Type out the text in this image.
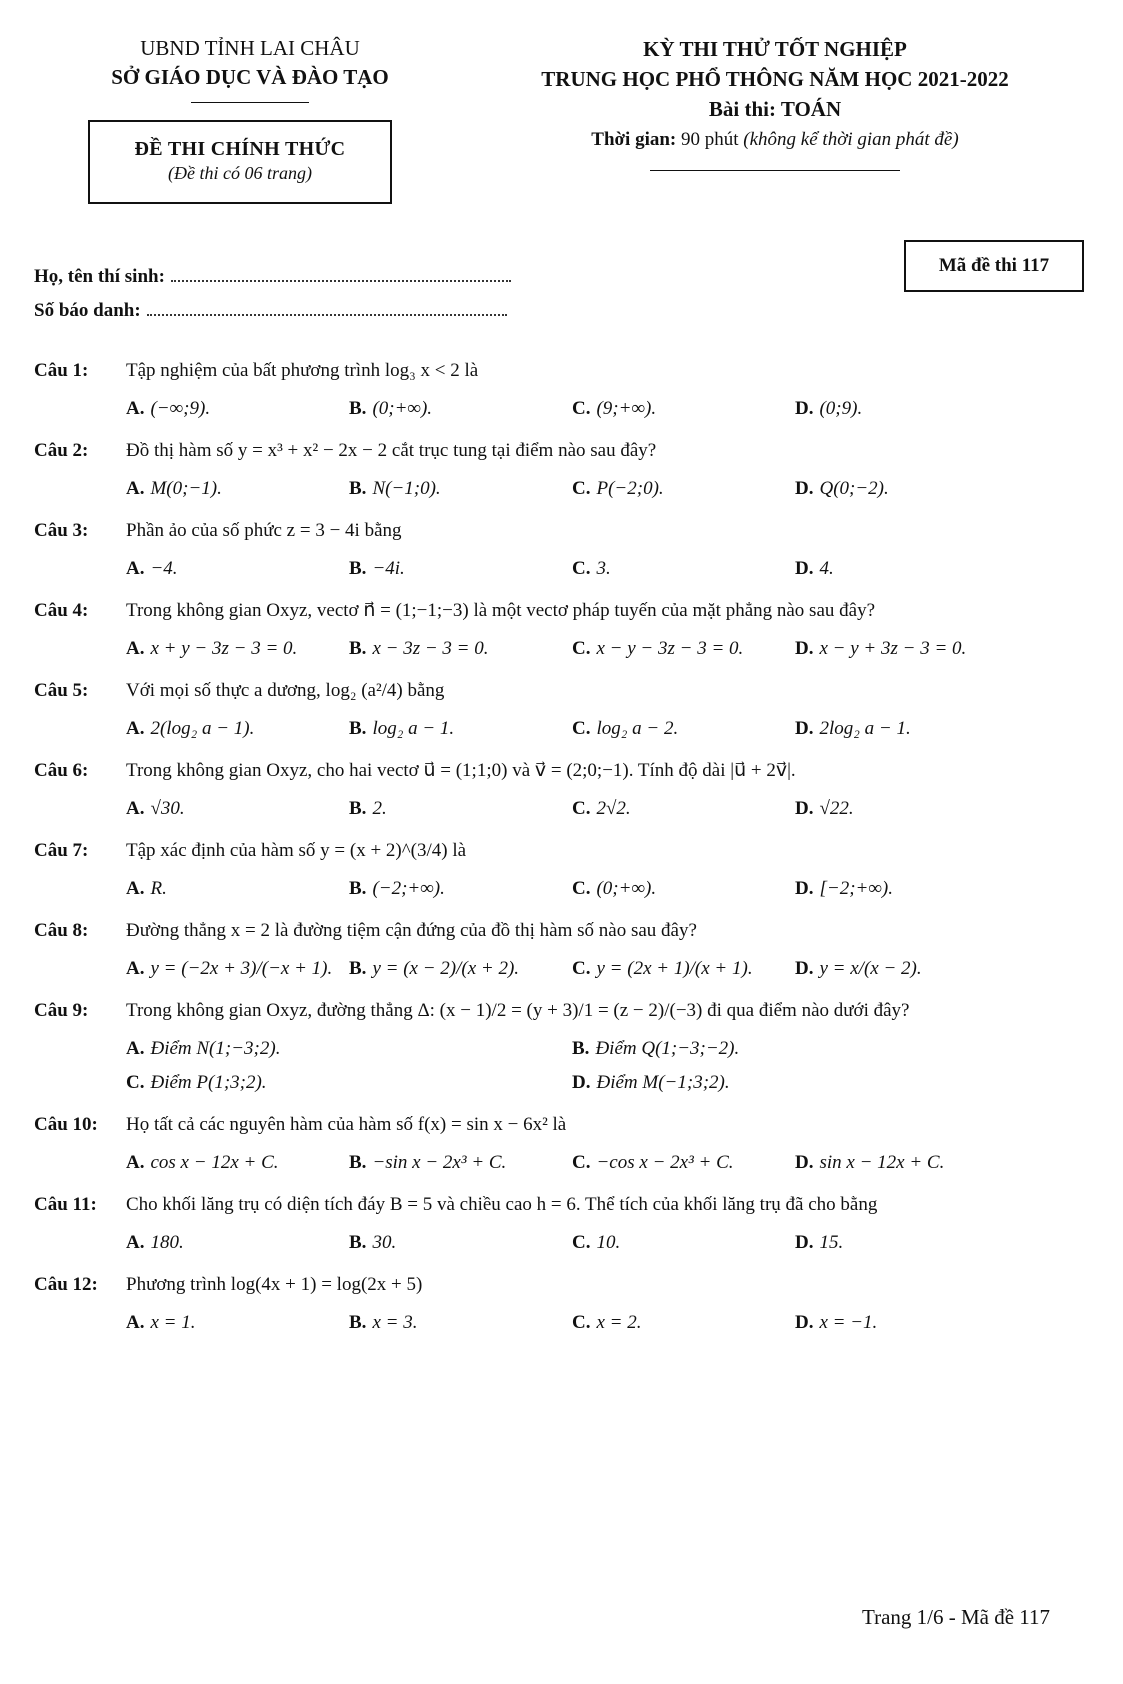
UBND TỈNH LAI CHÂU
SỞ GIÁO DỤC VÀ ĐÀO TẠO
ĐỀ THI CHÍNH THỨC
(Đề thi có 06 trang)
KỲ THI THỬ TỐT NGHIỆP
TRUNG HỌC PHỔ THÔNG NĂM HỌC 2021-2022
Bài thi: TOÁN
Thời gian: 90 phút (không kể thời gian phát đề)
Họ, tên thí sinh:
Số báo danh:
Mã đề thi 117
Câu 1:	Tập nghiệm của bất phương trình log₃ x < 2 là
A. (−∞;9).	B. (0;+∞).	C. (9;+∞).	D. (0;9).
Câu 2:	Đồ thị hàm số y = x³ + x² − 2x − 2 cắt trục tung tại điểm nào sau đây?
A. M(0;−1).	B. N(−1;0).	C. P(−2;0).	D. Q(0;−2).
Câu 3:	Phần ảo của số phức z = 3 − 4i bằng
A. −4.	B. −4i.	C. 3.	D. 4.
Câu 4:	Trong không gian Oxyz, vectơ n⃗ = (1;−1;−3) là một vectơ pháp tuyến của mặt phẳng nào sau đây?
A. x + y − 3z − 3 = 0.	B. x − 3z − 3 = 0.	C. x − y − 3z − 3 = 0.	D. x − y + 3z − 3 = 0.
Câu 5:	Với mọi số thực a dương, log₂ (a²/4) bằng
A. 2(log₂ a − 1).	B. log₂ a − 1.	C. log₂ a − 2.	D. 2log₂ a − 1.
Câu 6:	Trong không gian Oxyz, cho hai vectơ u⃗ = (1;1;0) và v⃗ = (2;0;−1). Tính độ dài |u⃗ + 2v⃗|.
A. √30.	B. 2.	C. 2√2.	D. √22.
Câu 7:	Tập xác định của hàm số y = (x + 2)^(3/4) là
A. R.	B. (−2;+∞).	C. (0;+∞).	D. [−2;+∞).
Câu 8:	Đường thẳng x = 2 là đường tiệm cận đứng của đồ thị hàm số nào sau đây?
A. y = (−2x + 3)/(−x + 1). B. y = (x − 2)/(x + 2).	C. y = (2x + 1)/(x + 1).	D. y = x/(x − 2).
Câu 9:	Trong không gian Oxyz, đường thẳng Δ: (x − 1)/2 = (y + 3)/1 = (z − 2)/(−3) đi qua điểm nào dưới đây?
A. Điểm N(1;−3;2).	B. Điểm Q(1;−3;−2).
C. Điểm P(1;3;2).	D. Điểm M(−1;3;2).
Câu 10:	Họ tất cả các nguyên hàm của hàm số f(x) = sin x − 6x² là
A. cos x − 12x + C.	B. −sin x − 2x³ + C.	C. −cos x − 2x³ + C.	D. sin x − 12x + C.
Câu 11:	Cho khối lăng trụ có diện tích đáy B = 5 và chiều cao h = 6. Thể tích của khối lăng trụ đã cho bằng
A. 180.	B. 30.	C. 10.	D. 15.
Câu 12:	Phương trình log(4x + 1) = log(2x + 5)
A. x = 1.	B. x = 3.	C. x = 2.	D. x = −1.
Trang 1/6 - Mã đề 117
